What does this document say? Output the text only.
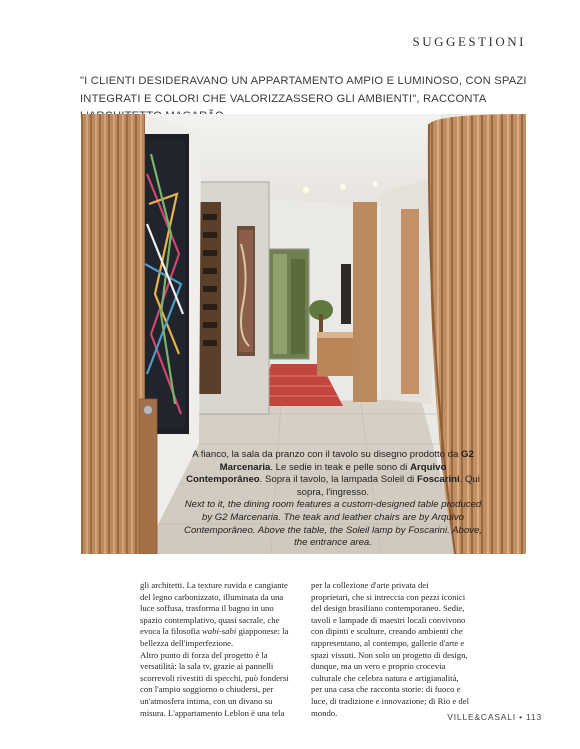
SUGGESTIONI
"I CLIENTI DESIDERAVANO UN APPARTAMENTO AMPIO E LUMINOSO, CON SPAZI INTEGRATI E COLORI CHE VALORIZZASSERO GLI AMBIENTI", RACCONTA

A fianco, la sala da pranzo con il tavolo su disegno prodotto da G2 Marcenaria. Le sedie in teak e pelle sono di Arquivo Contemporâneo. Sopra il tavolo, la lampada Soleil di Foscarini. Qui sopra, l'ingresso.

Next to it, the dining room features a custom-designed table produced by G2 Marcenaria. The teak and leather chairs are by Arquivo Contemporâneo. Above the table, the Soleil lamp by Foscarini. Above, the entrance area.

gli architetti. La texture ruvida e cangiante del legno carbonizzato, illuminata da una luce soffusa, trasforma il bagno in uno spazio contemplativo, quasi sacrale, che evoca la filosofia wabi-sabi giapponese: la bellezza dell'imperfezione.

Altro punto di forza del progetto è la versatilità: la sala tv, grazie ai pannelli scorrevoli rivestiti di specchi, può fondersi con l'ampio soggiorno o chiudersi, per un'atmosfera intima, con un divano su misura. L'appartamento Leblon è una tela

per la collezione d'arte privata dei proprietari, che si intreccia con pezzi iconici del design brasiliano contemporaneo. Sedie, tavoli e lampade di maestri locali convivono con dipinti e sculture, creando ambienti che rappresentano, al contempo, gallerie d'arte e spazi vissuti. Non solo un progetto di design, dunque, ma un vero e proprio crocevia culturale che celebra natura e artigianalità, per una casa che racconta storie: di fuoco e luce, di tradizione e innovazione; di Rio e del mondo.	VILLE&CASALI • 113
